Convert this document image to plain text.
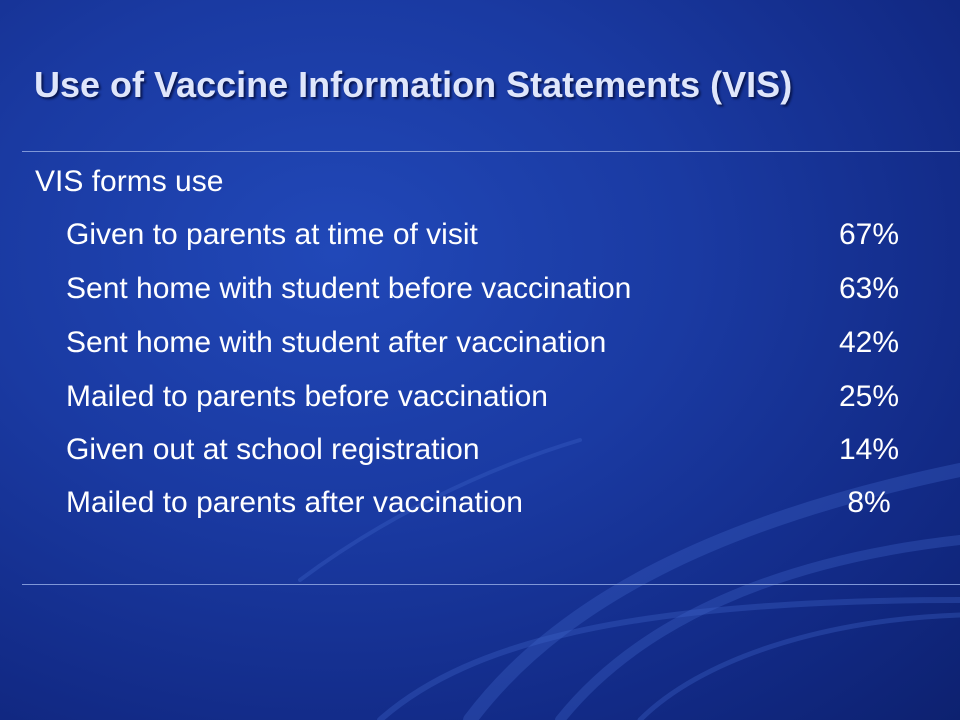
Use of Vaccine Information Statements (VIS)
VIS forms use
Given to parents at time of visit	67%
Sent home with student before vaccination	63%
Sent home with student after vaccination	42%
Mailed to parents before vaccination	25%
Given out at school registration	14%
Mailed to parents after vaccination	8%
